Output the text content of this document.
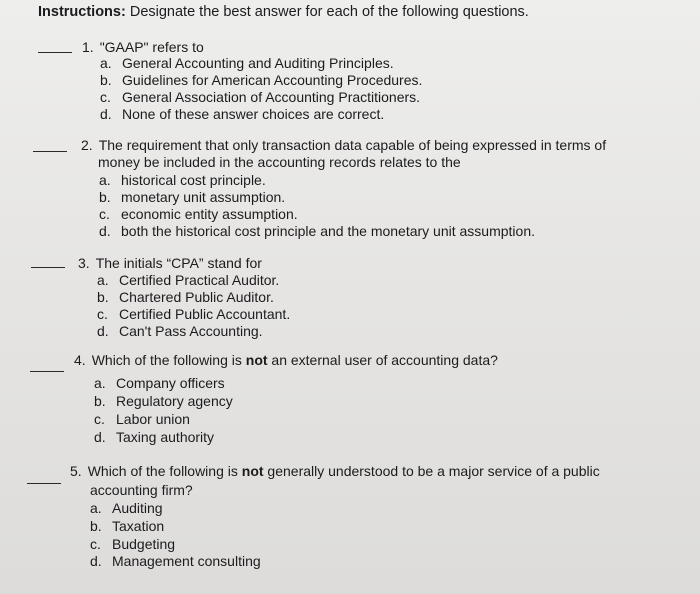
Instructions: Designate the best answer for each of the following questions.
1. "GAAP" refers to
a. General Accounting and Auditing Principles.
b. Guidelines for American Accounting Procedures.
c. General Association of Accounting Practitioners.
d. None of these answer choices are correct.
2. The requirement that only transaction data capable of being expressed in terms of
money be included in the accounting records relates to the
a. historical cost principle.
b. monetary unit assumption.
c. economic entity assumption.
d. both the historical cost principle and the monetary unit assumption.
3. The initials “CPA” stand for
a. Certified Practical Auditor.
b. Chartered Public Auditor.
c. Certified Public Accountant.
d. Can't Pass Accounting.
4. Which of the following is not an external user of accounting data?
a. Company officers
b. Regulatory agency
c. Labor union
d. Taxing authority
5. Which of the following is not generally understood to be a major service of a public
accounting firm?
a. Auditing
b. Taxation
c. Budgeting
d. Management consulting
